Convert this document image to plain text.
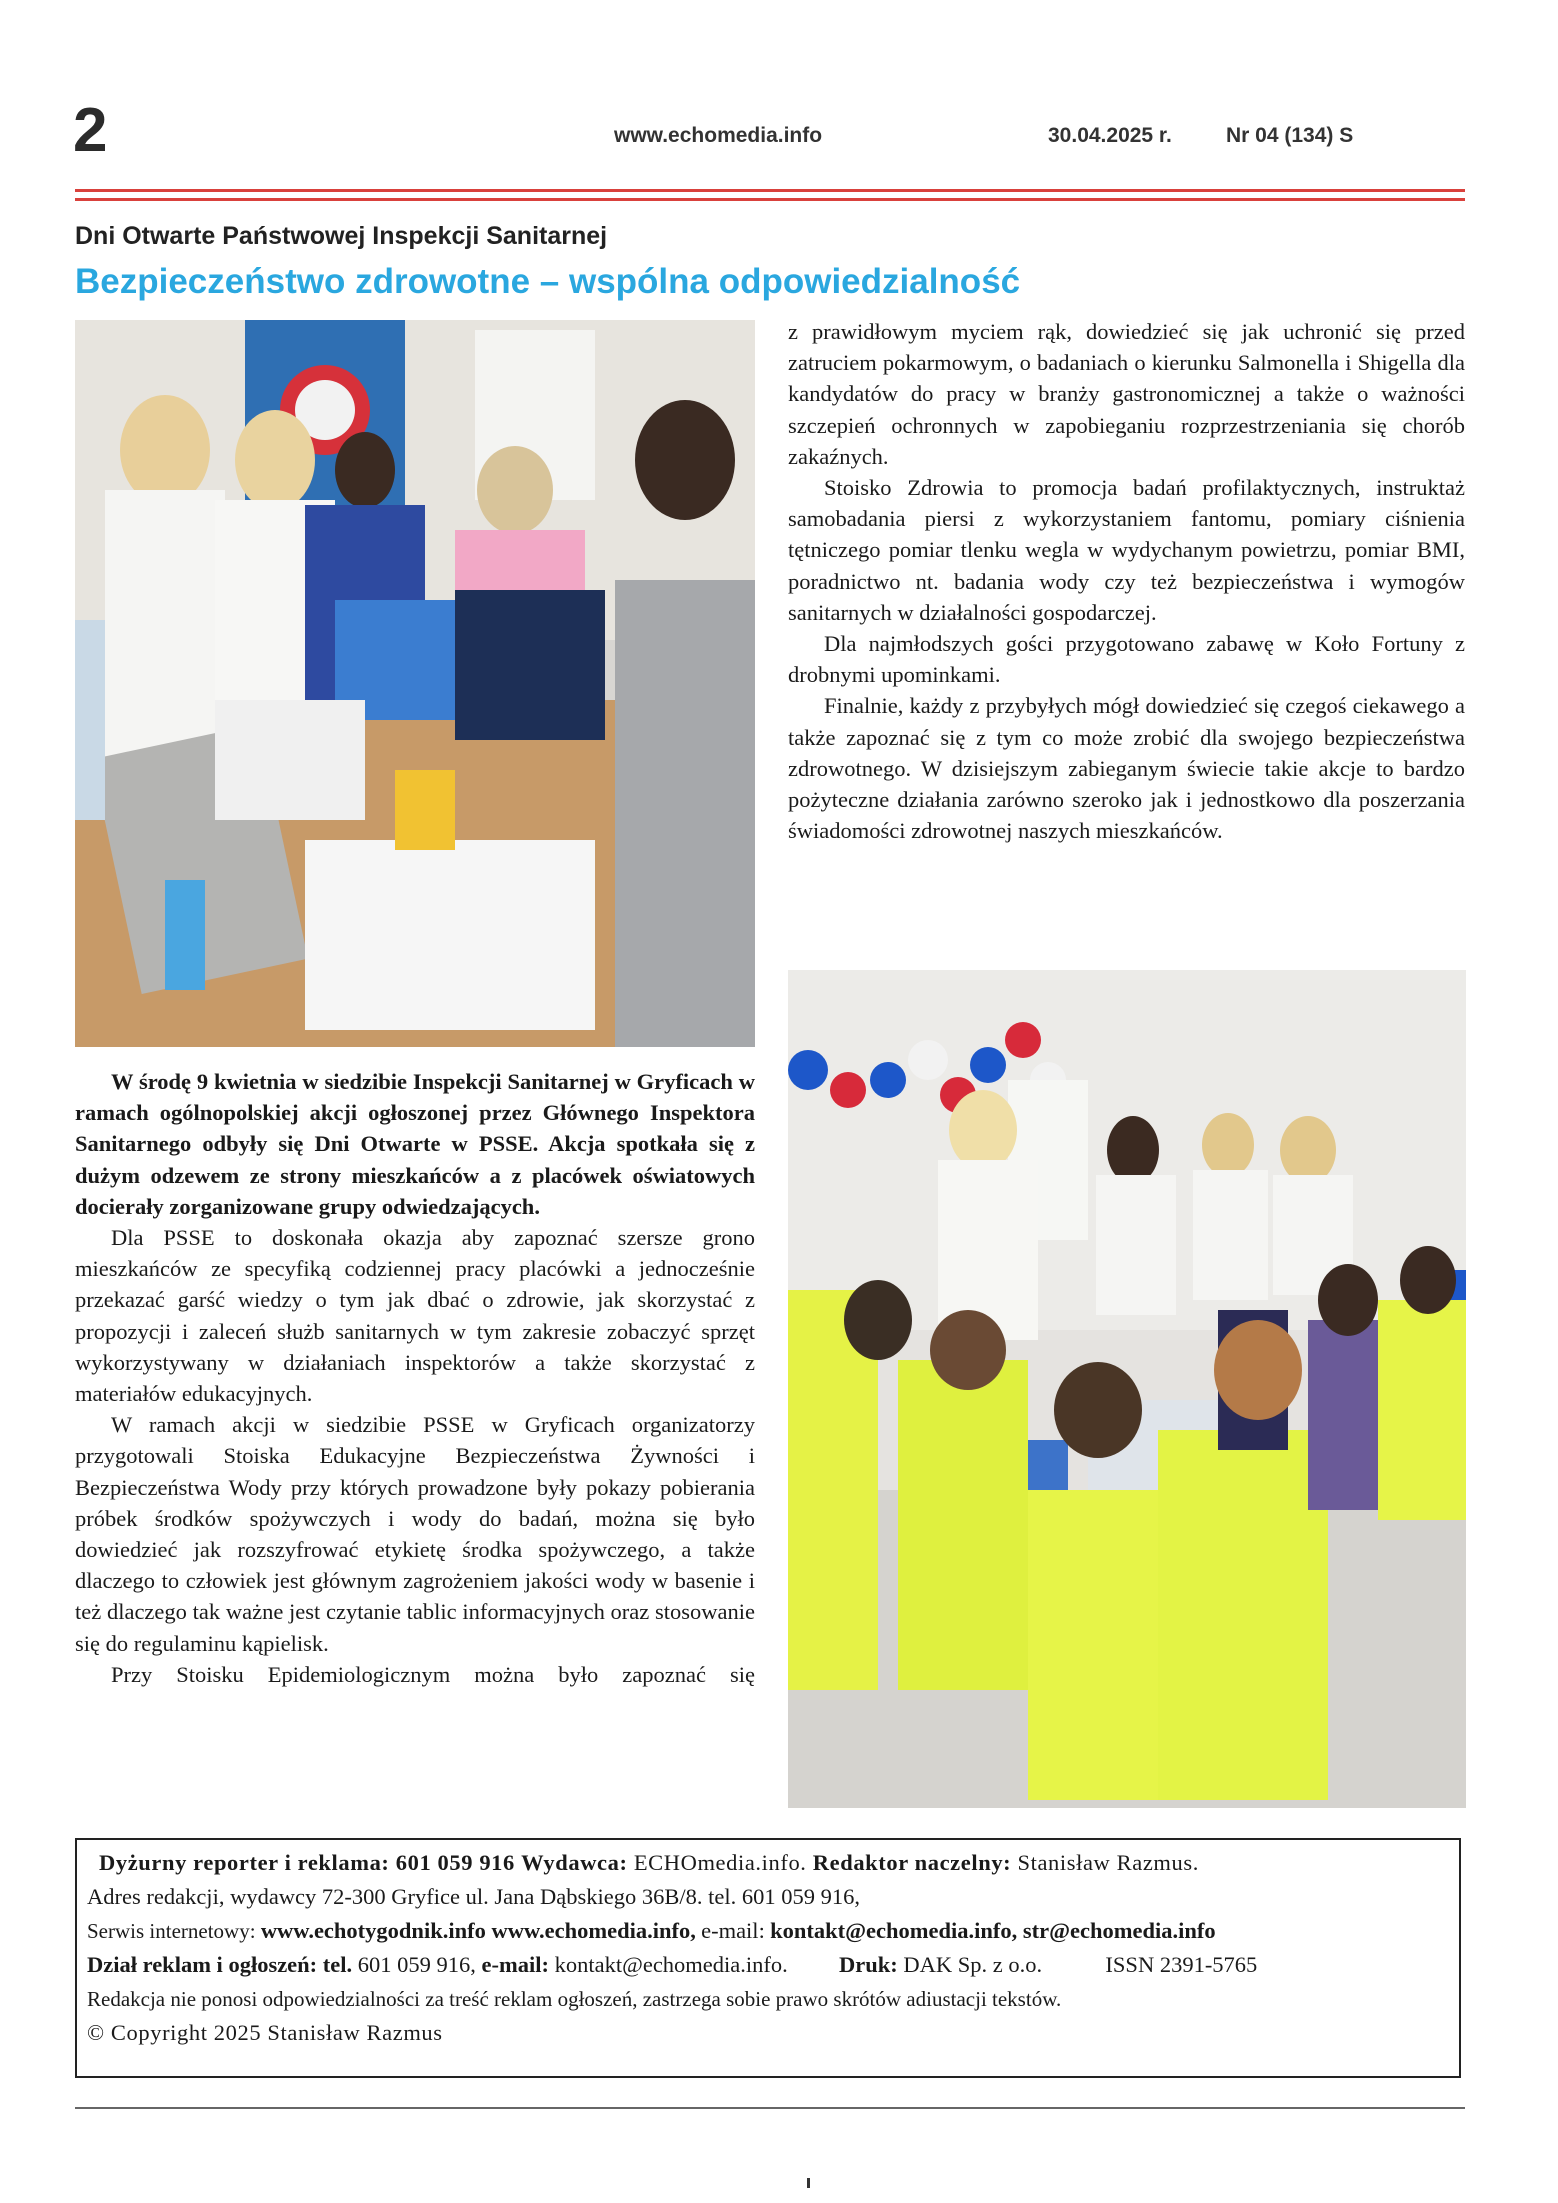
2	www.echomedia.info	30.04.2025 r.	Nr 04 (134) S
Dni Otwarte Państwowej Inspekcji Sanitarnej
Bezpieczeństwo zdrowotne – wspólna odpowiedzialność

W środę 9 kwietnia w siedzibie Inspekcji Sanitarnej w Gryficach w ramach ogólnopolskiej akcji ogłoszonej przez Głównego Inspektora Sanitarnego odbyły się Dni Otwarte w PSSE. Akcja spotkała się z dużym odzewem ze strony mieszkańców a z placówek oświatowych docierały zorganizowane grupy odwiedzających.

Dla PSSE to doskonała okazja aby zapoznać szersze grono mieszkańców ze specyfiką codziennej pracy placówki a jednocześnie przekazać garść wiedzy o tym jak dbać o zdrowie, jak skorzystać z propozycji i zaleceń służb sanitarnych w tym zakresie zobaczyć sprzęt wykorzystywany w działaniach inspektorów a także skorzystać z materiałów edukacyjnych.

W ramach akcji w siedzibie PSSE w Gryficach organizatorzy przygotowali Stoiska Edukacyjne Bezpieczeństwa Żywności i Bezpieczeństwa Wody przy których prowadzone były pokazy pobierania próbek środków spożywczych i wody do badań, można się było dowiedzieć jak rozszyfrować etykietę środka spożywczego, a także dlaczego to człowiek jest głównym zagrożeniem jakości wody w basenie i też dlaczego tak ważne jest czytanie tablic informacyjnych oraz stosowanie się do regulaminu kąpielisk.

Przy Stoisku Epidemiologicznym można było zapoznać się

z prawidłowym myciem rąk, dowiedzieć się jak uchronić się przed zatruciem pokarmowym, o badaniach o kierunku Salmonella i Shigella dla kandydatów do pracy w branży gastronomicznej a także o ważności szczepień ochronnych w zapobieganiu rozprzestrzeniania się chorób zakaźnych.

Stoisko Zdrowia to promocja badań profilaktycznych, instruktaż samobadania piersi z wykorzystaniem fantomu, pomiary ciśnienia tętniczego pomiar tlenku wegla w wydychanym powietrzu, pomiar BMI, poradnictwo nt. badania wody czy też bezpieczeństwa i wymogów sanitarnych w działalności gospodarczej.

Dla najmłodszych gości przygotowano zabawę w Koło Fortuny z drobnymi upominkami.

Finalnie, każdy z przybyłych mógł dowiedzieć się czegoś ciekawego a także zapoznać się z tym co może zrobić dla swojego bezpieczeństwa zdrowotnego. W dzisiejszym zabieganym świecie takie akcje to bardzo pożyteczne działania zarówno szeroko jak i jednostkowo dla poszerzania świadomości zdrowotnej naszych mieszkańców.

Dyżurny reporter i reklama: 601 059 916 Wydawca: ECHOmedia.info. Redaktor naczelny: Stanisław Razmus.
Adres redakcji, wydawcy 72-300 Gryfice ul. Jana Dąbskiego 36B/8. tel. 601 059 916,
Serwis internetowy: www.echotygodnik.info www.echomedia.info, e-mail: kontakt@echomedia.info, str@echomedia.info
Dział reklam i ogłoszeń: tel. 601 059 916, e-mail: kontakt@echomedia.info. Druk: DAK Sp. z o.o.	ISSN 2391-5765
Redakcja nie ponosi odpowiedzialności za treść reklam ogłoszeń, zastrzega sobie prawo skrótów adiustacji tekstów.
© Copyright 2025 Stanisław Razmus
